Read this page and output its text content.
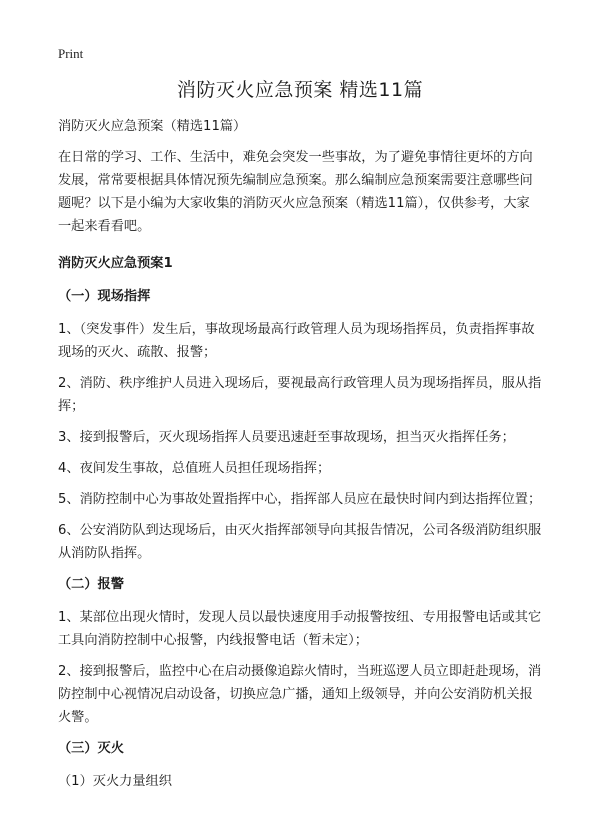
Print
消防灭火应急预案 精选11篇
消防灭火应急预案（精选11篇）
在日常的学习、工作、生活中，难免会突发一些事故，为了避免事情往更坏的方向发展，常常要根据具体情况预先编制应急预案。那么编制应急预案需要注意哪些问题呢？以下是小编为大家收集的消防灭火应急预案（精选11篇），仅供参考，大家一起来看看吧。
消防灭火应急预案1
（一）现场指挥
1、（突发事件）发生后，事故现场最高行政管理人员为现场指挥员，负责指挥事故现场的灭火、疏散、报警；
2、消防、秩序维护人员进入现场后，要视最高行政管理人员为现场指挥员，服从指挥；
3、接到报警后，灭火现场指挥人员要迅速赶至事故现场，担当灭火指挥任务；
4、夜间发生事故，总值班人员担任现场指挥；
5、消防控制中心为事故处置指挥中心，指挥部人员应在最快时间内到达指挥位置；
6、公安消防队到达现场后，由灭火指挥部领导向其报告情况，公司各级消防组织服从消防队指挥。
（二）报警
1、某部位出现火情时，发现人员以最快速度用手动报警按纽、专用报警电话或其它工具向消防控制中心报警，内线报警电话（暂未定）；
2、接到报警后，监控中心在启动摄像追踪火情时，当班巡逻人员立即赶赴现场，消防控制中心视情况启动设备，切换应急广播，通知上级领导，并向公安消防机关报火警。
（三）灭火
（1）灭火力量组织
